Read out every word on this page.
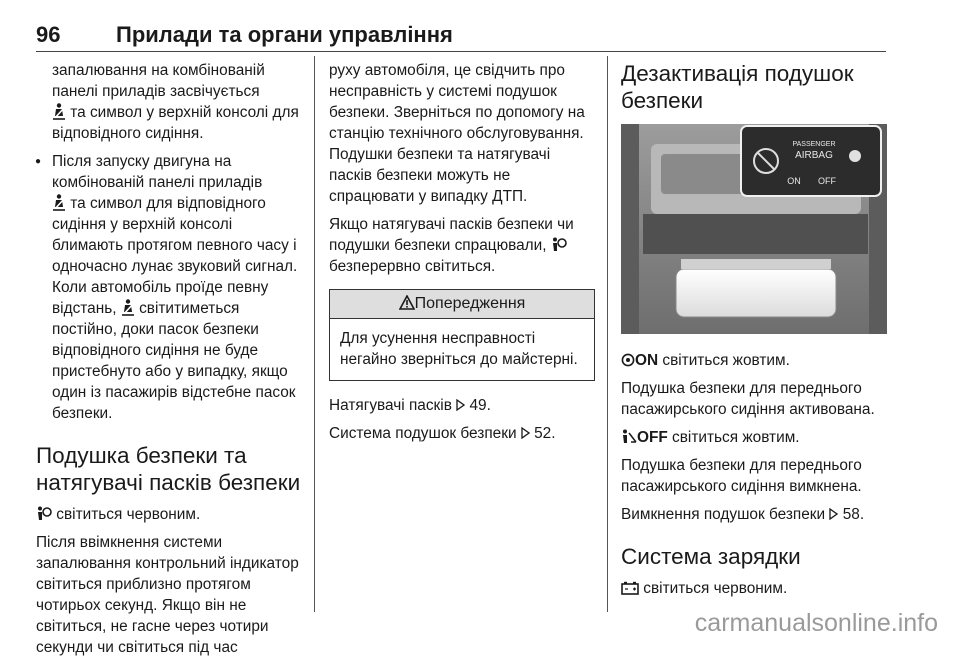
96	Прилади та органи управління

запалювання на комбінованій панелі приладів засвічується
та символ у верхній консолі для відповідного сидіння.

● Після запуску двигуна на комбінованій панелі приладів
та символ для відповідного сидіння у верхній консолі блимають протягом певного часу і одночасно лунає звуковий сигнал. Коли автомобіль проїде певну відстань,  світитиметься постійно, доки пасок безпеки відповідного сидіння не буде пристебнуто або у випадку, якщо один із пасажирів відстебне пасок безпеки.

Подушка безпеки та натягувачі пасків безпеки

світиться червоним.

Після ввімкнення системи запалювання контрольний індикатор світиться приблизно протягом чотирьох секунд. Якщо він не світиться, не гасне через чотири секунди чи світиться під час

руху автомобіля, це свідчить про несправність у системі подушок безпеки. Зверніться по допомогу на станцію технічного обслуговування. Подушки безпеки та натягувачі пасків безпеки можуть не спрацювати у випадку ДТП.

Якщо натягувачі пасків безпеки чи подушки безпеки спрацювали,  безперервно світиться.

Попередження
Для усунення несправності негайно зверніться до майстерні.

Натягувачі пасків  49.

Система подушок безпеки  52.

Дезактивація подушок безпеки
PASSENGER
AIRBAG
ON OFF

ON світиться жовтим.

Подушка безпеки для переднього пасажирського сидіння активована.

OFF світиться жовтим.

Подушка безпеки для переднього пасажирського сидіння вимкнена.

Вимкнення подушок безпеки  58.

Система зарядки

світиться червоним.

carmanualsonline.info
